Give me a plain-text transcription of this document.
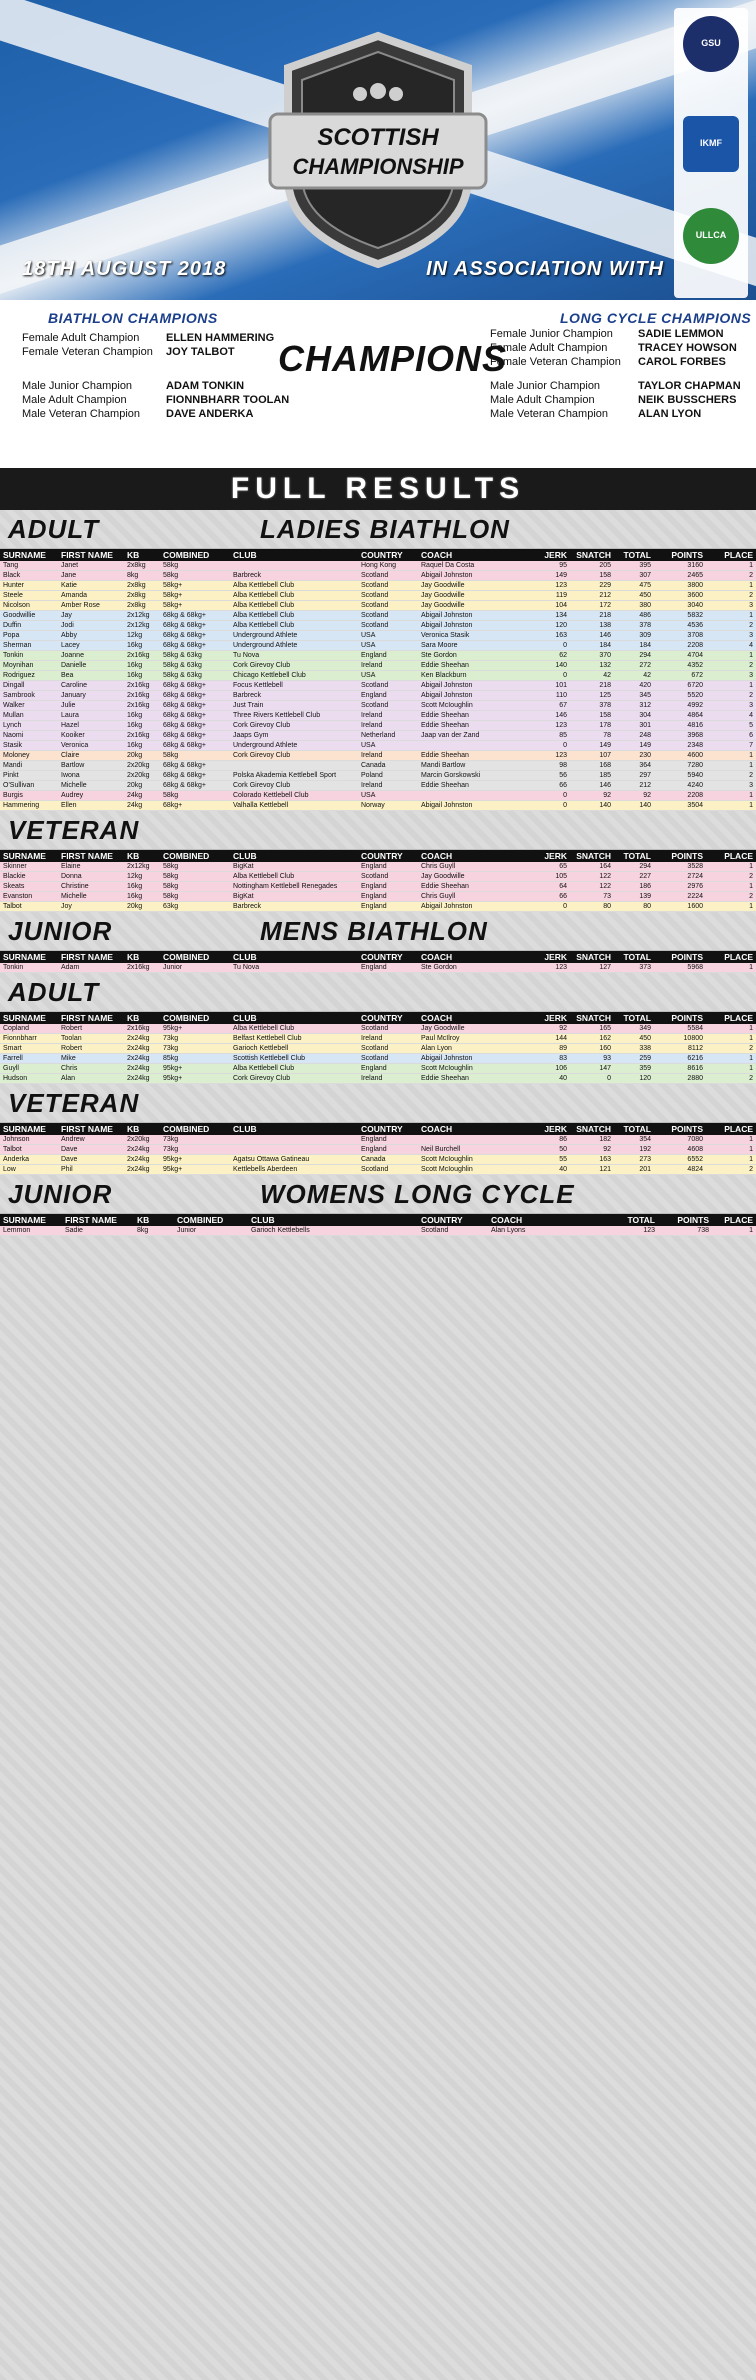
SCOTTISH
CHAMPIONSHIP
18TH AUGUST 2018	IN ASSOCIATION WITH
GSU
IKMF
ULLCA
BIATHLON CHAMPIONS
Female Adult Champion ELLEN HAMMERING
Female Veteran Champion JOY TALBOT
Male Junior Champion	ADAM TONKIN
Male Adult Champion	FIONNBHARR TOOLAN
Male Veteran Champion DAVE ANDERKA
CHAMPIONS
LONG CYCLE CHAMPIONS
Female Junior Champion SADIE LEMMON
Female Adult Champion	TRACEY HOWSON
Female Veteran Champion CAROL FORBES
Male Junior Champion	TAYLOR CHAPMAN
Male Adult Champion	NEIK BUSSCHERS
Male Veteran Champion	ALAN LYON
FULL RESULTS
ADULT	LADIES BIATHLON
SURNAME	FIRST NAME	KB	COMBINED	CLUB	COUNTRY	COACH	JERK	SNATCH	TOTAL	POINTS	PLACE
Tang	Janet	2x8kg	58kg		Hong Kong	Raquel Da Costa	95	205	395	3160	1
Black	Jane	8kg	58kg	Barbreck	Scotland	Abigail Johnston	149	158	307	2465	2
Hunter	Katie	2x8kg	58kg+	Alba Kettlebell Club	Scotland	Jay Goodwille	123	229	475	3800	1
Steele	Amanda	2x8kg	58kg+	Alba Kettlebell Club	Scotland	Jay Goodwille	119	212	450	3600	2
Nicolson	Amber Rose	2x8kg	58kg+	Alba Kettlebell Club	Scotland	Jay Goodwille	104	172	380	3040	3
Goodwillie	Jay	2x12kg	68kg & 68kg+	Alba Kettlebell Club	Scotland	Abigail Johnston	134	218	486	5832	1
Duffin	Jodi	2x12kg	68kg & 68kg+	Alba Kettlebell Club	Scotland	Abigail Johnston	120	138	378	4536	2
Popa	Abby	12kg	68kg & 68kg+	Underground Athlete	USA	Veronica Stasik	163	146	309	3708	3
Sherman	Lacey	16kg	68kg & 68kg+	Underground Athlete	USA	Sara Moore	0	184	184	2208	4
Tonkin	Joanne	2x16kg	58kg & 63kg	Tu Nova	England	Ste Gordon	62	370	294	4704	1
Moynihan	Danielle	16kg	58kg & 63kg	Cork Girevoy Club	Ireland	Eddie Sheehan	140	132	272	4352	2
Rodriguez	Bea	16kg	58kg & 63kg	Chicago Kettlebell Club	USA	Ken Blackburn	0	42	42	672	3
Dingall	Caroline	2x16kg	68kg & 68kg+	Focus Kettlebell	Scotland	Abigail Johnston	101	218	420	6720	1
Sambrook	January	2x16kg	68kg & 68kg+	Barbreck	England	Abigail Johnston	110	125	345	5520	2
Walker	Julie	2x16kg	68kg & 68kg+	Just Train	Scotland	Scott McIoughlin	67	378	312	4992	3
Mullan	Laura	16kg	68kg & 68kg+	Three Rivers Kettlebell Club	Ireland	Eddie Sheehan	146	158	304	4864	4
Lynch	Hazel	16kg	68kg & 68kg+	Cork Girevoy Club	Ireland	Eddie Sheehan	123	178	301	4816	5
Naomi	Kooiker	2x16kg	68kg & 68kg+	Jaaps Gym	Netherland	Jaap van der Zand	85	78	248	3968	6
Stasik	Veronica	16kg	68kg & 68kg+	Underground Athlete	USA		0	149	149	2348	7
Moloney	Claire	20kg	58kg	Cork Girevoy Club	Ireland	Eddie Sheehan	123	107	230	4600	1
Mandi	Bartlow	2x20kg	68kg & 68kg+		Canada	Mandi Bartlow	98	168	364	7280	1
Pinkt	Iwona	2x20kg	68kg & 68kg+	Polska Akademia Kettlebell Sport	Poland	Marcin Gorskowski	56	185	297	5940	2
O'Sullivan	Michelle	20kg	68kg & 68kg+	Cork Girevoy Club	Ireland	Eddie Sheehan	66	146	212	4240	3
Burgis	Audrey	24kg	58kg	Colorado Kettlebell Club	USA		0	92	92	2208	1
Hammering	Ellen	24kg	68kg+	Valhalla Kettlebell	Norway	Abigail Johnston	0	140	140	3504	1
VETERAN
SURNAME	FIRST NAME	KB	COMBINED	CLUB	COUNTRY	COACH	JERK	SNATCH	TOTAL	POINTS	PLACE
Skinner	Elaine	2x12kg	58kg	BigKat	England	Chris Guyll	65	164	294	3528	1
Blackie	Donna	12kg	58kg	Alba Kettlebell Club	Scotland	Jay Goodwille	105	122	227	2724	2
Skeats	Christine	16kg	58kg	Nottingham Kettlebell Renegades	England	Eddie Sheehan	64	122	186	2976	1
Evanston	Michelle	16kg	58kg	BigKat	England	Chris Guyll	66	73	139	2224	2
Talbot	Joy	20kg	63kg	Barbreck	England	Abigail Johnston	0	80	80	1600	1
JUNIOR	MENS BIATHLON
SURNAME	FIRST NAME	KB	COMBINED	CLUB	COUNTRY	COACH	JERK	SNATCH	TOTAL	POINTS	PLACE
Tonkin	Adam	2x16kg	Junior	Tu Nova	England	Ste Gordon	123	127	373	5968	1
ADULT
SURNAME	FIRST NAME	KB	COMBINED	CLUB	COUNTRY	COACH	JERK	SNATCH	TOTAL	POINTS	PLACE
Copland	Robert	2x16kg	95kg+	Alba Kettlebell Club	Scotland	Jay Goodwille	92	165	349	5584	1
Fionnbharr	Toolan	2x24kg	73kg	Belfast Kettlebell Club	Ireland	Paul McIlroy	144	162	450	10800	1
Smart	Robert	2x24kg	73kg	Garioch Kettlebell	Scotland	Alan Lyon	89	160	338	8112	2
Farrell	Mike	2x24kg	85kg	Scottish Kettlebell Club	Scotland	Abigail Johnston	83	93	259	6216	1
Guyll	Chris	2x24kg	95kg+	Alba Kettlebell Club	England	Scott McIoughlin	106	147	359	8616	1
Hudson	Alan	2x24kg	95kg+	Cork Girevoy Club	Ireland	Eddie Sheehan	40	0	120	2880	2
VETERAN
SURNAME	FIRST NAME	KB	COMBINED	CLUB	COUNTRY	COACH	JERK	SNATCH	TOTAL	POINTS	PLACE
Johnson	Andrew	2x20kg	73kg		England		86	182	354	7080	1
Talbot	Dave	2x24kg	73kg		England	Neil Burchell	50	92	192	4608	1
Anderka	Dave	2x24kg	95kg+	Agatsu Ottawa Gatineau	Canada	Scott McIoughlin	55	163	273	6552	1
Low	Phil	2x24kg	95kg+	Kettlebells Aberdeen	Scotland	Scott McIoughlin	40	121	201	4824	2
JUNIOR	WOMENS LONG CYCLE
SURNAME	FIRST NAME	KB	COMBINED	CLUB	COUNTRY	COACH	TOTAL	POINTS	PLACE
Lemmon	Sadie	8kg	Junior	Garioch Kettlebells	Scotland	Alan Lyons	123	738	1
